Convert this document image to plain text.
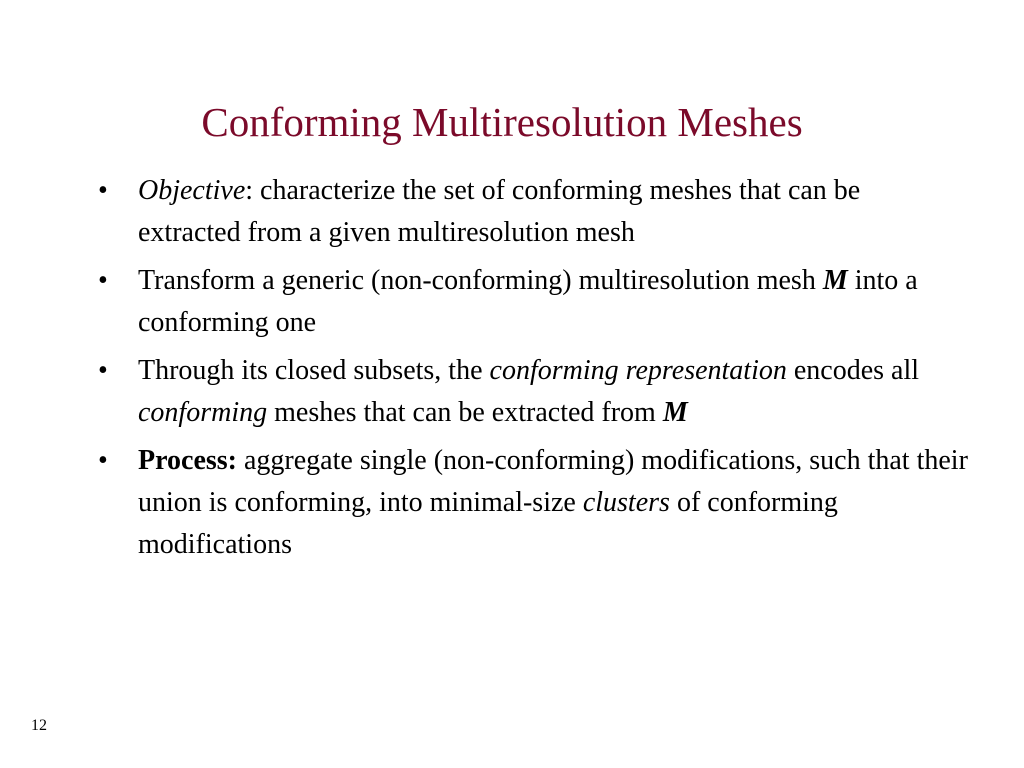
Conforming Multiresolution Meshes
•	Objective: characterize the set of conforming meshes that can be extracted from a given multiresolution mesh
•	Transform a generic (non-conforming) multiresolution mesh M into a conforming one
•	Through its closed subsets, the conforming representation encodes all conforming meshes that can be extracted from M
•	Process: aggregate single (non-conforming) modifications, such that their union is conforming, into minimal-size clusters of conforming modifications
12
